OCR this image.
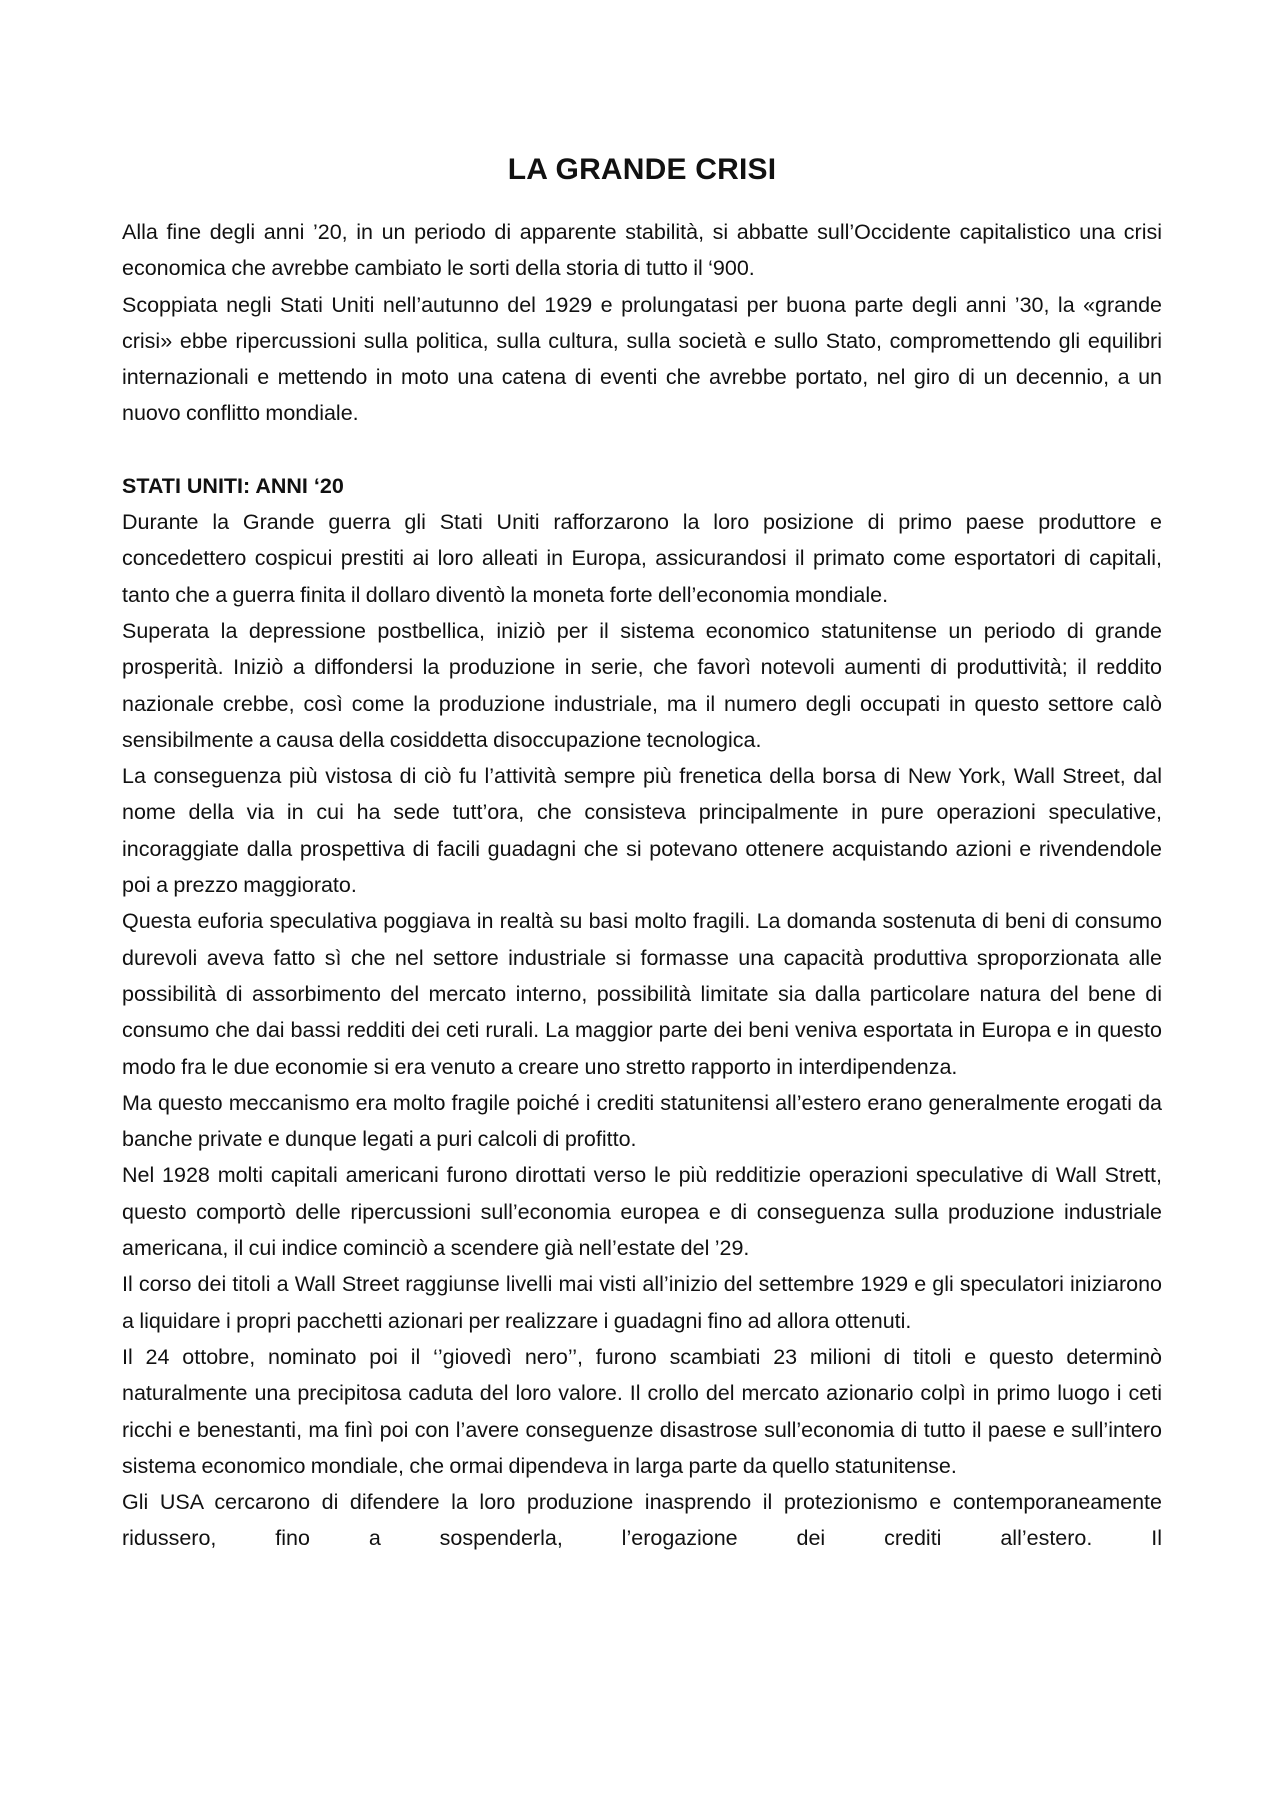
LA GRANDE CRISI

Alla fine degli anni ’20, in un periodo di apparente stabilità, si abbatte sull’Occidente capitalistico una crisi economica che avrebbe cambiato le sorti della storia di tutto il ‘900.

Scoppiata negli Stati Uniti nell’autunno del 1929 e prolungatasi per buona parte degli anni ’30, la «grande crisi» ebbe ripercussioni sulla politica, sulla cultura, sulla società e sullo Stato, compromettendo gli equilibri internazionali e mettendo in moto una catena di eventi che avrebbe portato, nel giro di un decennio, a un nuovo conflitto mondiale.

STATI UNITI: ANNI ‘20

Durante la Grande guerra gli Stati Uniti rafforzarono la loro posizione di primo paese produttore e concedettero cospicui prestiti ai loro alleati in Europa, assicurandosi il primato come esportatori di capitali, tanto che a guerra finita il dollaro diventò la moneta forte dell’economia mondiale.

Superata la depressione postbellica, iniziò per il sistema economico statunitense un periodo di grande prosperità. Iniziò a diffondersi la produzione in serie, che favorì notevoli aumenti di produttività; il reddito nazionale crebbe, così come la produzione industriale, ma il numero degli occupati in questo settore calò sensibilmente a causa della cosiddetta disoccupazione tecnologica.

La conseguenza più vistosa di ciò fu l’attività sempre più frenetica della borsa di New York, Wall Street, dal nome della via in cui ha sede tutt’ora, che consisteva principalmente in pure operazioni speculative, incoraggiate dalla prospettiva di facili guadagni che si potevano ottenere acquistando azioni e rivendendole poi a prezzo maggiorato.

Questa euforia speculativa poggiava in realtà su basi molto fragili. La domanda sostenuta di beni di consumo durevoli aveva fatto sì che nel settore industriale si formasse una capacità produttiva sproporzionata alle possibilità di assorbimento del mercato interno, possibilità limitate sia dalla particolare natura del bene di consumo che dai bassi redditi dei ceti rurali. La maggior parte dei beni veniva esportata in Europa e in questo modo fra le due economie si era venuto a creare uno stretto rapporto in interdipendenza.

Ma questo meccanismo era molto fragile poiché i crediti statunitensi all’estero erano generalmente erogati da banche private e dunque legati a puri calcoli di profitto.

Nel 1928 molti capitali americani furono dirottati verso le più redditizie operazioni speculative di Wall Strett, questo comportò delle ripercussioni sull’economia europea e di conseguenza sulla produzione industriale americana, il cui indice cominciò a scendere già nell’estate del ’29.

Il corso dei titoli a Wall Street raggiunse livelli mai visti all’inizio del settembre 1929 e gli speculatori iniziarono a liquidare i propri pacchetti azionari per realizzare i guadagni fino ad allora ottenuti.

Il 24 ottobre, nominato poi il ‘’giovedì nero’’, furono scambiati 23 milioni di titoli e questo determinò naturalmente una precipitosa caduta del loro valore. Il crollo del mercato azionario colpì in primo luogo i ceti ricchi e benestanti, ma finì poi con l’avere conseguenze disastrose sull’economia di tutto il paese e sull’intero sistema economico mondiale, che ormai dipendeva in larga parte da quello statunitense.

Gli USA cercarono di difendere la loro produzione inasprendo il protezionismo e contemporaneamente ridussero, fino a sospenderla, l’erogazione dei crediti all’estero. Il
